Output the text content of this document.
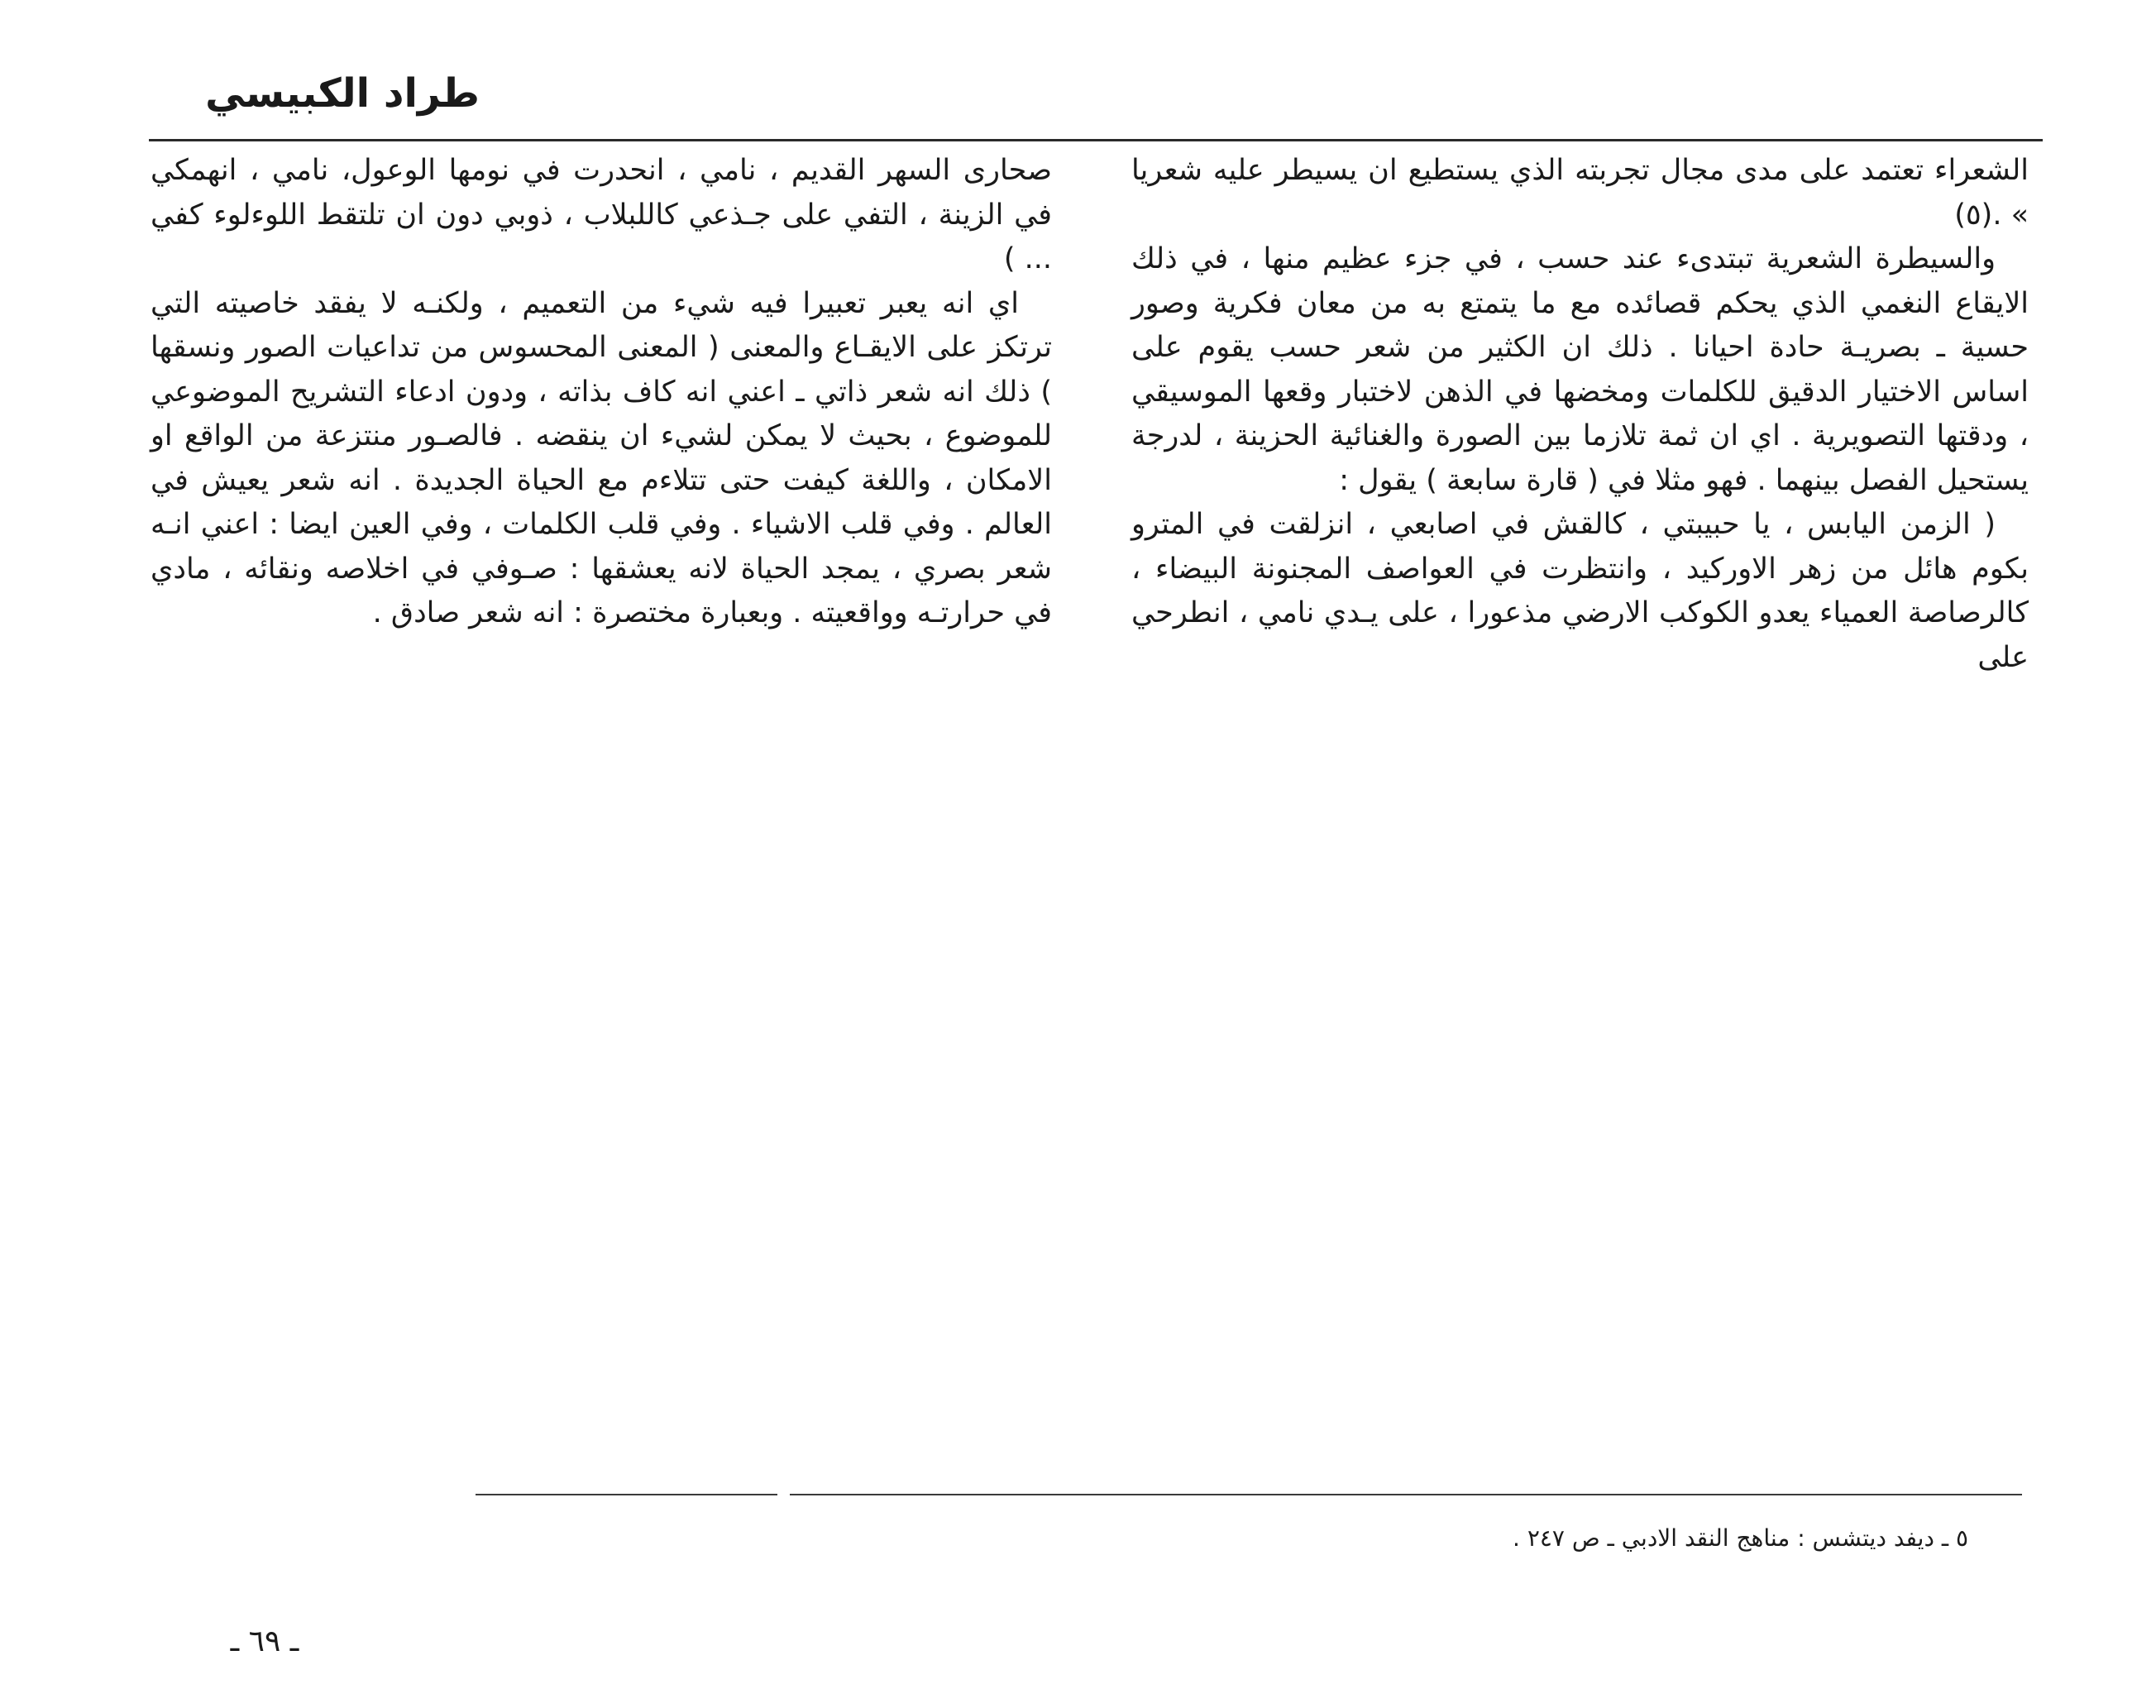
طراد الكبيسي

الشعراء تعتمد على مدى مجال تجربته الذي يستطيع ان يسيطر عليه شعريا » .(٥)

والسيطرة الشعرية تبتدىء عند حسب ، في جزء عظيم منها ، في ذلك الايقاع النغمي الذي يحكم قصائده مع ما يتمتع به من معان فكرية وصور حسية ـ بصريـة حادة احيانا . ذلك ان الكثير من شعر حسب يقوم على اساس الاختيار الدقيق للكلمات ومخضها في الذهن لاختبار وقعها الموسيقي ، ودقتها التصويرية . اي ان ثمة تلازما بين الصورة والغنائية الحزينة ، لدرجة يستحيل الفصل بينهما . فهو مثلا في ( قارة سابعة ) يقول :

( الزمن اليابس ، يا حبيبتي ، كالقش في اصابعي ، انزلقت في المترو بكوم هائل من زهر الاوركيد ، وانتظرت في العواصف المجنونة البيضاء ، كالرصاصة العمياء يعدو الكوكب الارضي مذعورا ، على يـدي نامي ، انطرحي على

صحارى السهر القديم ، نامي ، انحدرت في نومها الوعول، نامي ، انهمكي في الزينة ، التفي على جـذعي كاللبلاب ، ذوبي دون ان تلتقط اللوءلوء كفي ... )

اي انه يعبر تعبيرا فيه شيء من التعميم ، ولكنـه لا يفقد خاصيته التي ترتكز على الايقـاع والمعنى ( المعنى المحسوس من تداعيات الصور ونسقها ) ذلك انه شعر ذاتي ـ اعني انه كاف بذاته ، ودون ادعاء التشريح الموضوعي للموضوع ، بحيث لا يمكن لشيء ان ينقضه . فالصـور منتزعة من الواقع او الامكان ، واللغة كيفت حتى تتلاءم مع الحياة الجديدة . انه شعر يعيش في العالم . وفي قلب الاشياء . وفي قلب الكلمات ، وفي العين ايضا : اعني انـه شعر بصري ، يمجد الحياة لانه يعشقها : صـوفي في اخلاصه ونقائه ، مادي في حرارتـه وواقعيته . وبعبارة مختصرة : انه شعر صادق .

٥ ـ ديفد ديتشس : مناهج النقد الادبي ـ ص ٢٤٧ .
ـ ٦٩ ـ
